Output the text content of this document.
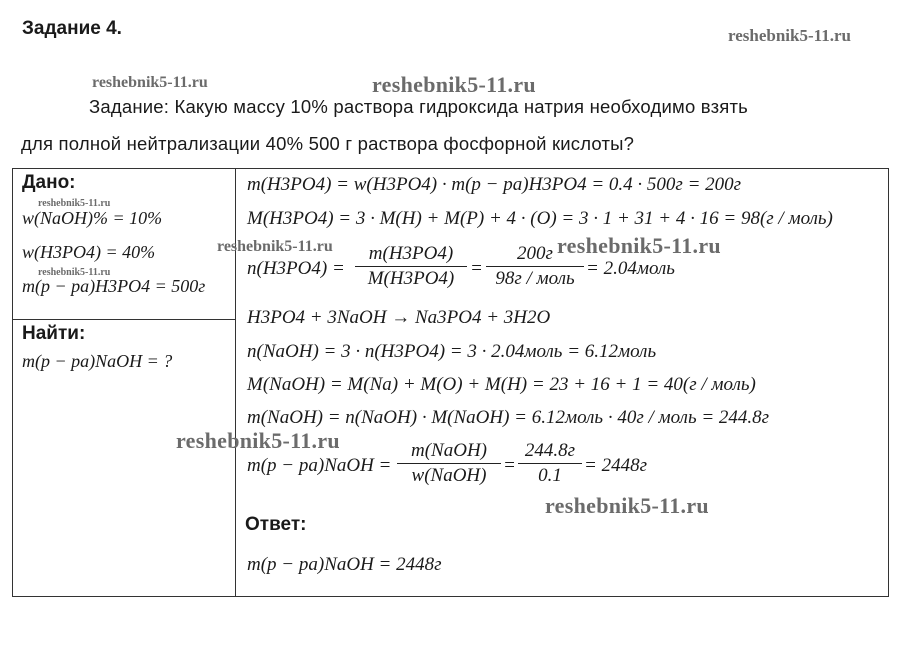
Задание 4.	reshebnik5-11.ru
reshebnik5-11.ru	reshebnik5-11.ru
Задание: Какую массу 10% раствора гидроксида натрия необходимо взять
для полной нейтрализации 40% 500 г раствора фосфорной кислоты?
Дано:
reshebnik5-11.ru
w(NaOH)% = 10%
w(H3PO4) = 40%
reshebnik5-11.ru
m(p − pa)H3PO4 = 500г
Найти:
m(p − pa)NaOH = ?
m(H3PO4) = w(H3PO4) · m(p − pa)H3PO4 = 0.4 · 500г = 200г
M(H3PO4) = 3 · M(H) + M(P) + 4 · (O) = 3 · 1 + 31 + 4 · 16 = 98(г / моль)
reshebnik5-11.ru	reshebnik5-11.ru
n(H3PO4) =
m(H3PO4)
M(H3PO4) =
200г
98г / моль = 2.04моль
H3PO4 + 3NaOH → Na3PO4 + 3H2O
n(NaOH) = 3 · n(H3PO4) = 3 · 2.04моль = 6.12моль
M(NaOH) = M(Na) + M(O) + M(H) = 23 + 16 + 1 = 40(г / моль)
m(NaOH) = n(NaOH) · M(NaOH) = 6.12моль · 40г / моль = 244.8г
reshebnik5-11.ru
m(p − pa)NaOH =
m(NaOH)
w(NaOH) =
244.8г
0.1	= 2448г
reshebnik5-11.ru
Ответ:
m(p − pa)NaOH = 2448г
